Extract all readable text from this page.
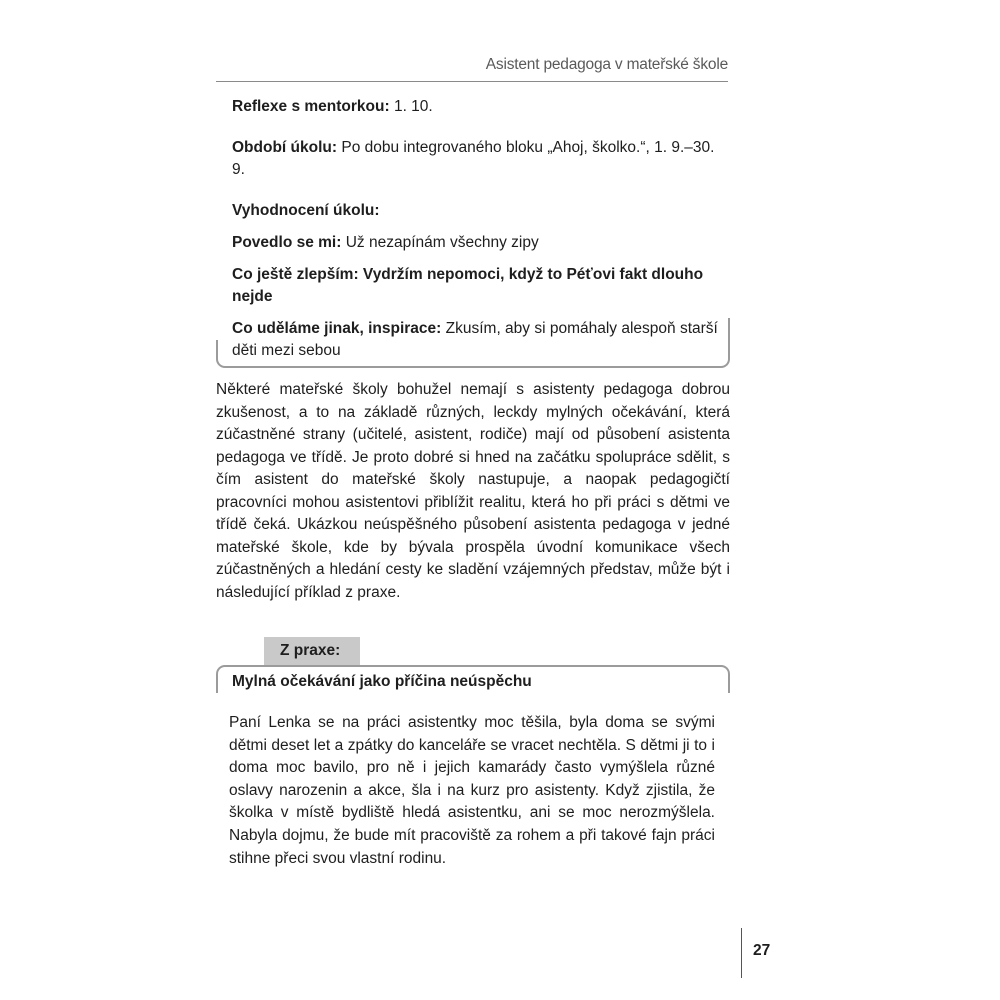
Asistent pedagoga v mateřské škole

Reflexe s mentorkou: 1. 10.

Období úkolu: Po dobu integrovaného bloku „Ahoj, školko.“, 1. 9.–30. 9.

Vyhodnocení úkolu:

Povedlo se mi: Už nezapínám všechny zipy

Co ještě zlepším: Vydržím nepomoci, když to Péťovi fakt dlouho nejde

Co uděláme jinak, inspirace: Zkusím, aby si pomáhaly alespoň starší děti mezi sebou

Některé mateřské školy bohužel nemají s asistenty pedagoga dobrou zkušenost, a to na základě různých, leckdy mylných očekávání, která zúčastněné strany (učitelé, asistent, rodiče) mají od působení asistenta pedagoga ve třídě. Je proto dobré si hned na začátku spolupráce sdělit, s čím asistent do mateřské školy nastupuje, a naopak pedagogičtí pracovníci mohou asistentovi přiblížit realitu, která ho při práci s dětmi ve třídě čeká. Ukázkou neúspěšného působení asistenta pedagoga v jedné mateřské škole, kde by bývala prospěla úvodní komunikace všech zúčastněných a hledání cesty ke sladění vzájemných představ, může být i následující příklad z praxe.

Z praxe:
Mylná očekávání jako příčina neúspěchu

Paní Lenka se na práci asistentky moc těšila, byla doma se svými dětmi deset let a zpátky do kanceláře se vracet nechtěla. S dětmi ji to i doma moc bavilo, pro ně i jejich kamarády často vymýšlela různé oslavy narozenin a akce, šla i na kurz pro asistenty. Když zjistila, že školka v místě bydliště hledá asistentku, ani se moc nerozmýšlela. Nabyla dojmu, že bude mít pracoviště za rohem a při takové fajn práci stihne přeci svou vlastní rodinu.

27
